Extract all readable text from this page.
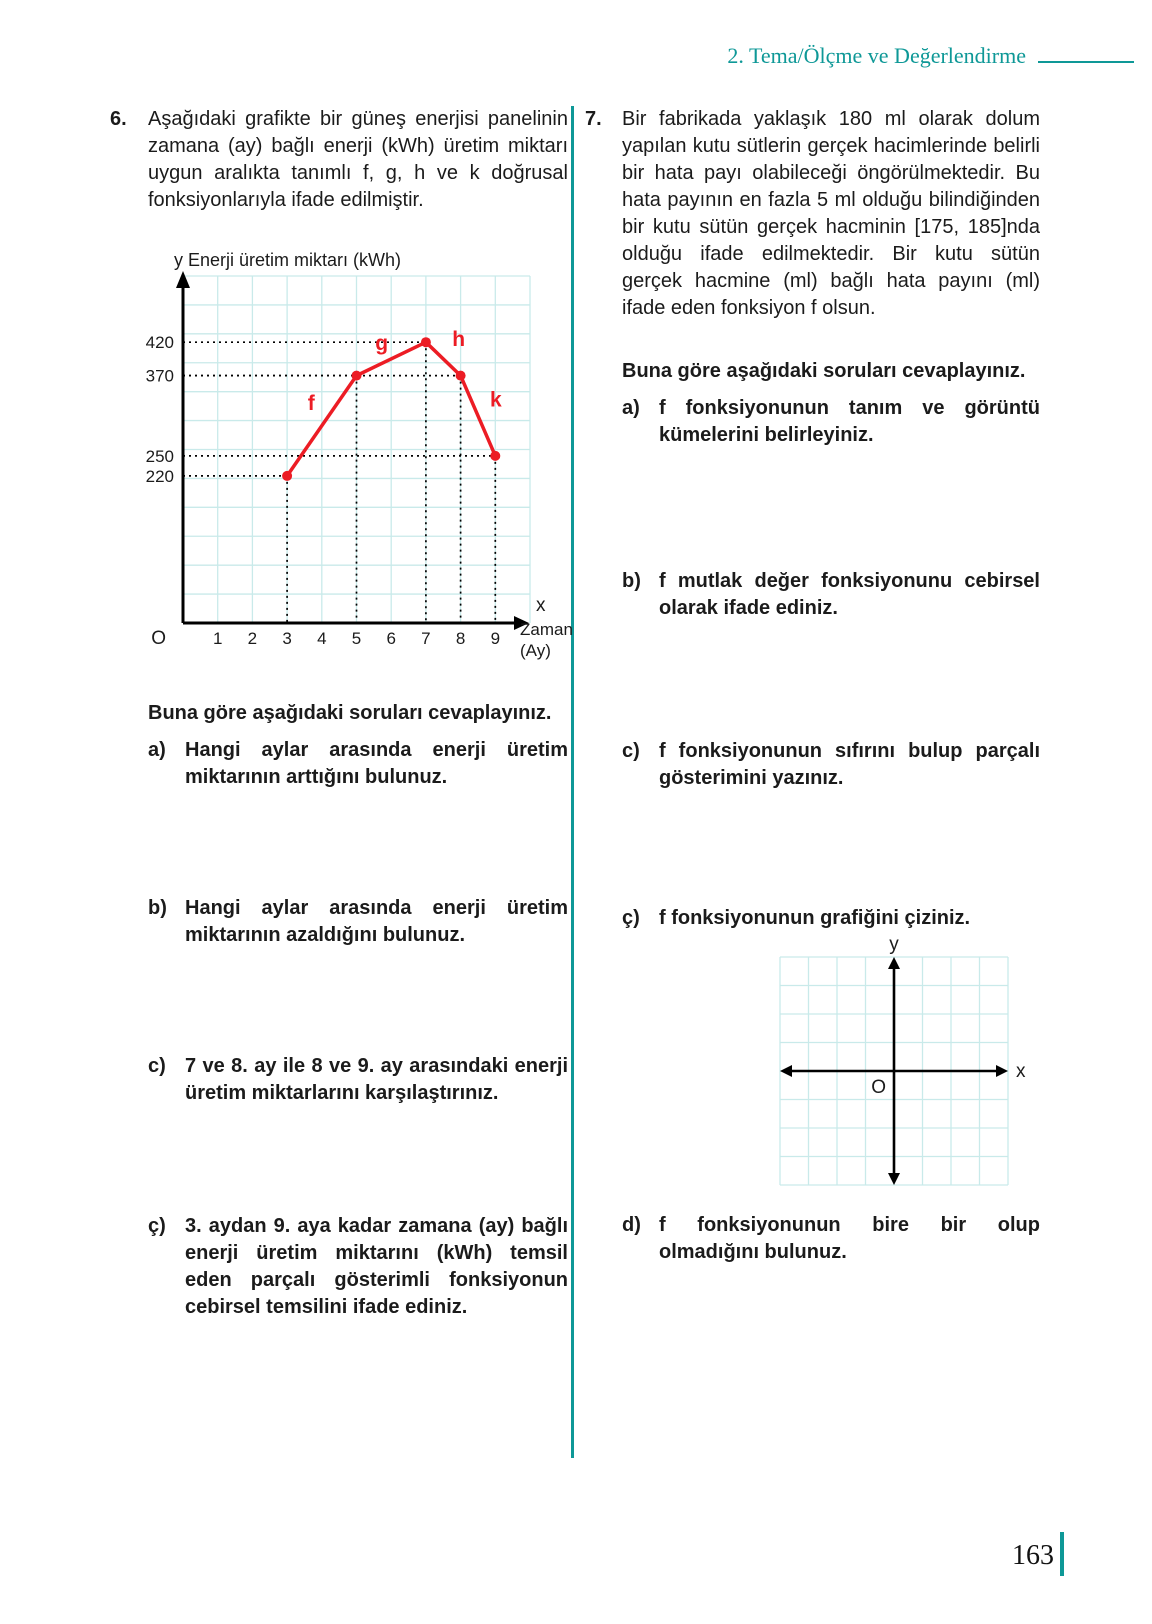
2. Tema/Ölçme ve Değerlendirme
6.	Aşağıdaki grafikte bir güneş enerjisi panelinin zamana (ay) bağlı enerji (kWh) üretim miktarı uygun aralıkta tanımlı f, g, h ve k doğrusal fonksiyonlarıyla ifade edilmiştir.

f
g	h
k
420
370
250
220
1 2 3 4 5 6 7 8 9
y Enerji üretim miktarı (kWh)
O
x
Zaman
(Ay)

Buna göre aşağıdaki soruları cevaplayınız.

a) Hangi aylar arasında enerji üretim miktarının arttığını bulunuz.

b) Hangi aylar arasında enerji üretim miktarının azaldığını bulunuz.

c) 7 ve 8. ay ile 8 ve 9. ay arasındaki enerji üretim miktarlarını karşılaştırınız.

ç) 3. aydan 9. aya kadar zamana (ay) bağlı enerji üretim miktarını (kWh) temsil eden parçalı gösterimli fonksiyonun cebirsel temsilini ifade ediniz.

7.	Bir fabrikada yaklaşık 180 ml olarak dolum yapılan kutu sütlerin gerçek hacimlerinde belirli bir hata payı olabileceği öngörülmektedir. Bu hata payının en fazla 5 ml olduğu bilindiğinden bir kutu sütün gerçek hacminin [175, 185]nda olduğu ifade edilmektedir. Bir kutu sütün gerçek hacmine (ml) bağlı hata payını (ml) ifade eden fonksiyon f olsun.

Buna göre aşağıdaki soruları cevaplayınız.

a) f fonksiyonunun tanım ve görüntü kümelerini belirleyiniz.

b) f mutlak değer fonksiyonunu cebirsel olarak ifade ediniz.

c) f fonksiyonunun sıfırını bulup parçalı gösterimini yazınız.

ç) f fonksiyonunun grafiğini çiziniz.

y
x
O
d) f fonksiyonunun bire bir olup olmadığını bulunuz.

163
